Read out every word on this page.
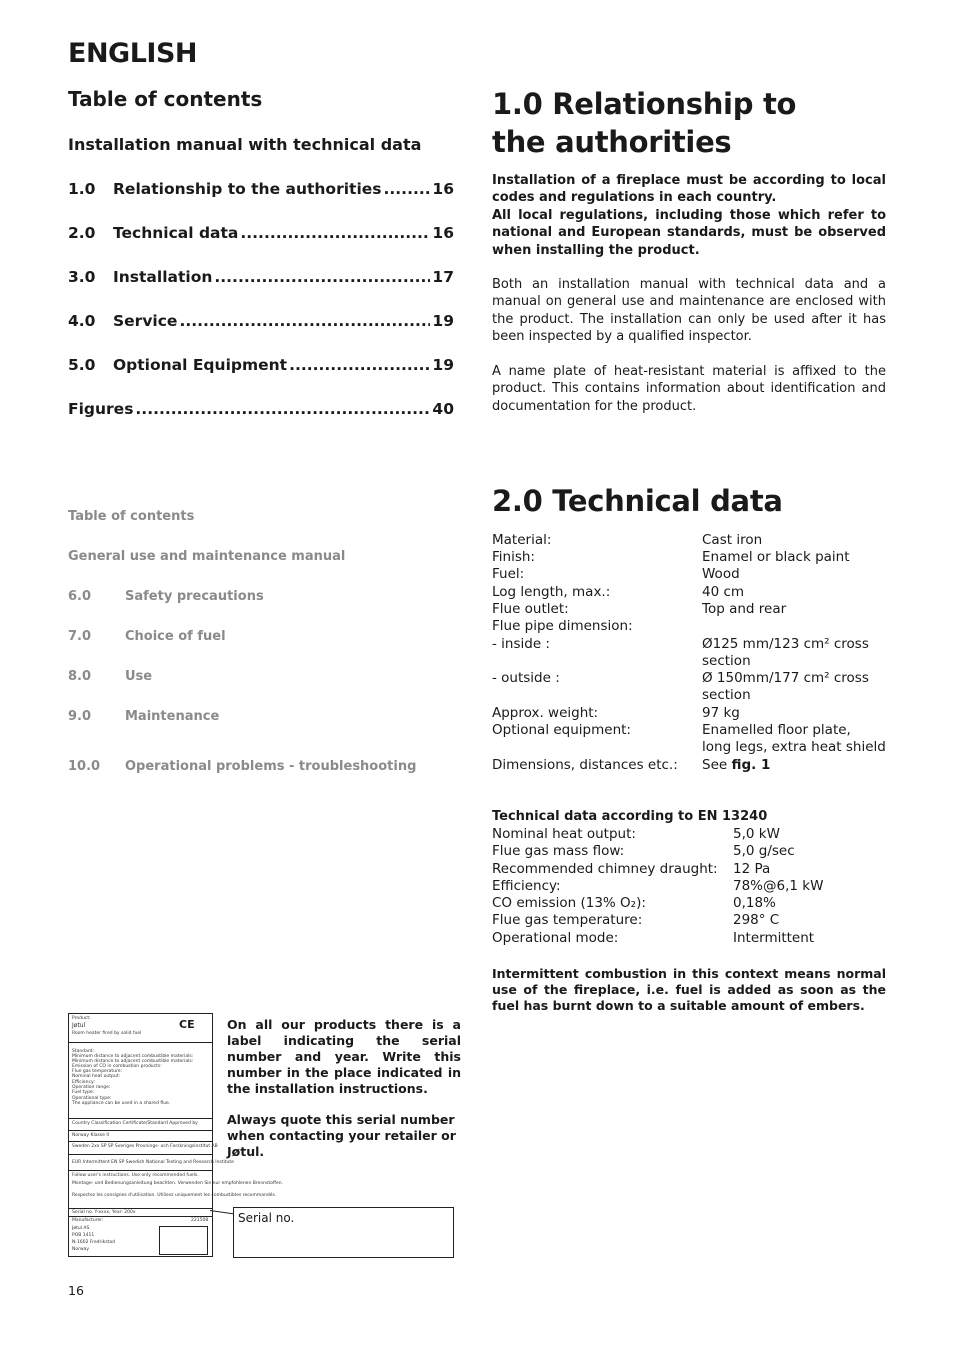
ENGLISH
Table of contents
Installation manual with technical data
1.0	Relationship to the authorities .....	16
2.0	Technical data .....	16
3.0	Installation .....	17
4.0	Service .....	19
5.0	Optional Equipment .....	19
Figures .....	40
Table of contents
General use and maintenance manual
6.0	Safety precautions
7.0	Choice of fuel
8.0	Use
9.0	Maintenance
10.0 Operational problems - troubleshooting
Product:
Jøtul
Room heater fired by solid fuel
CE
Standard:
Minimum distance to adjacent combustible materials:
Minimum distance to adjacent combustible materials:
Emission of CO in combustion products:
Flue gas temperature:
Nominal heat output:
Efficiency:
Operation range:
Fuel type:
Operational type:
The appliance can be used in a shared flue.
Country Classification Certificate/Standard Approved by
Norway Klasse II
Sweden 2xx SP SP Sveriges Provnings- och Forskningsinstitut AB
EUR Intermittent EN SP Swedish National Testing and Research Institute
Follow user's instructions. Use only recommended fuels.
Montage- und Bedienungsanleitung beachten. Verwenden Sie nur empfohlenen Brennstoffen.
Respectez les consignes d'utilisation. Utilisez uniquement les combustibles recommandés.
Serial no. Y-xxxx, Year: 200x
Manufacturer:	221508
Jøtul AS
POB 1411
N-1602 Fredrikstad
Norway
On all our products there is a label indicating the serial number and year. Write this number in the place indicated in the installation instructions.
Always quote this serial number when contacting your retailer or Jøtul.
Serial no.
16
1.0 Relationship to the authorities
Installation of a fireplace must be according to local codes and regulations in each country.
All local regulations, including those which refer to national and European standards, must be observed when installing the product.
Both an installation manual with technical data and a manual on general use and maintenance are enclosed with the product. The installation can only be used after it has been inspected by a qualified inspector.
A name plate of heat-resistant material is affixed to the product. This contains information about identification and documentation for the product.
2.0 Technical data
Material:	Cast iron
Finish:	Enamel or black paint
Fuel:	Wood
Log length, max.:	40 cm
Flue outlet:	Top and rear
Flue pipe dimension:
- inside :	Ø125 mm/123 cm² cross
section
- outside :	Ø 150mm/177 cm² cross
section
Approx. weight:	97 kg
Optional equipment:	Enamelled floor plate,
long legs, extra heat shield
Dimensions, distances etc.: See fig. 1
Technical data according to EN 13240
Nominal heat output:	5,0 kW
Flue gas mass flow:	5,0 g/sec
Recommended chimney draught: 12 Pa
Efficiency:	78%@6,1 kW
CO emission (13% O₂):	0,18%
Flue gas temperature:	298° C
Operational mode:	Intermittent
Intermittent combustion in this context means normal use of the fireplace, i.e. fuel is added as soon as the fuel has burnt down to a suitable amount of embers.
